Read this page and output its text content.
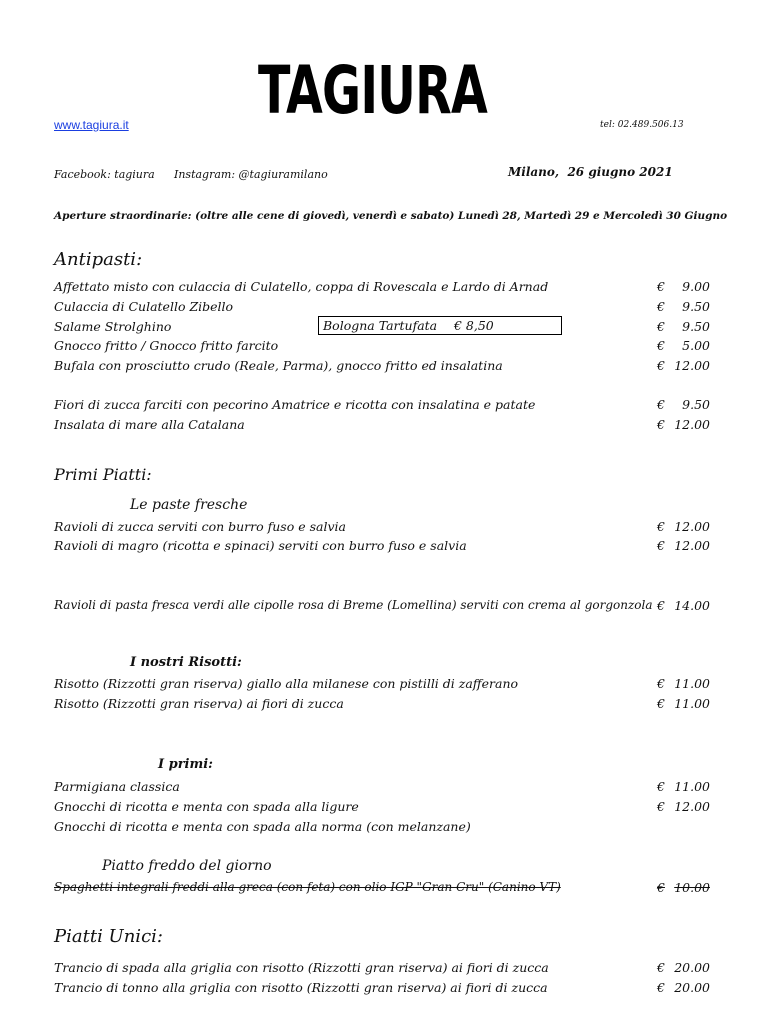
TAGIURA
www.tagiura.it	tel: 02.489.506.13
Facebook: tagiura Instagram: @tagiuramilano	Milano, 26 giugno 2021
Aperture straordinarie: (oltre alle cene di giovedì, venerdì e sabato) Lunedì 28, Martedì 29 e Mercoledì 30 Giugno
Antipasti:
Affettato misto con culaccia di Culatello, coppa di Rovescala e Lardo di Arnad	€ 9.00
Culaccia di Culatello Zibello	€ 9.50
Salame Strolghino	€ 9.50
Bologna Tartufata € 8,50
Gnocco fritto / Gnocco fritto farcito	€ 5.00
Bufala con prosciutto crudo (Reale, Parma), gnocco fritto ed insalatina	€ 12.00
Fiori di zucca farciti con pecorino Amatrice e ricotta con insalatina e patate	€ 9.50
Insalata di mare alla Catalana	€ 12.00
Primi Piatti:
Le paste fresche
Ravioli di zucca serviti con burro fuso e salvia	€ 12.00
Ravioli di magro (ricotta e spinaci) serviti con burro fuso e salvia	€ 12.00
Ravioli di pasta fresca verdi alle cipolle rosa di Breme (Lomellina) serviti con crema al gorgonzola € 14.00
I nostri Risotti:
Risotto (Rizzotti gran riserva) giallo alla milanese con pistilli di zafferano	€ 11.00
Risotto (Rizzotti gran riserva) ai fiori di zucca	€ 11.00
I primi:
Parmigiana classica	€ 11.00
Gnocchi di ricotta e menta con spada alla ligure	€ 12.00
Gnocchi di ricotta e menta con spada alla norma (con melanzane)
Piatto freddo del giorno
Spaghetti integrali freddi alla greca (con feta) con olio IGP "Gran Cru" (Canino VT)	€ 10.00
Piatti Unici:
Trancio di spada alla griglia con risotto (Rizzotti gran riserva) ai fiori di zucca	€ 20.00
Trancio di tonno alla griglia con risotto (Rizzotti gran riserva) ai fiori di zucca	€ 20.00
